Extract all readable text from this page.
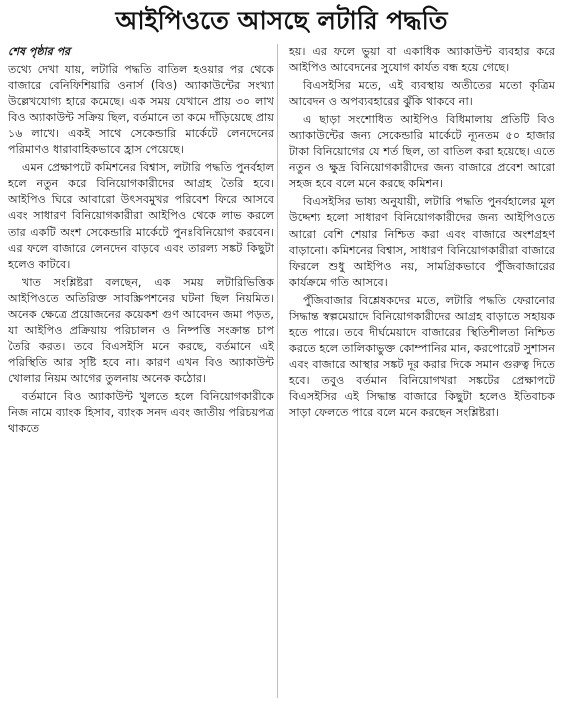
আইপিওতে আসছে লটারি পদ্ধতি
শেষ পৃষ্ঠার পর

তথ্যে দেখা যায়, লটারি পদ্ধতি বাতিল হওয়ার পর থেকে বাজারে বেনিফিশিয়ারি ওনার্স (বিও) অ্যাকাউন্টের সংখ্যা উল্লেখযোগ্য হারে কমেছে। এক সময় যেখানে প্রায় ৩০ লাখ বিও অ্যাকাউন্ট সক্রিয় ছিল, বর্তমানে তা কমে দাঁড়িয়েছে প্রায় ১৬ লাখে। একই সাথে সেকেন্ডারি মার্কেটে লেনদেনের পরিমাণও ধারাবাহিকভাবে হ্রাস পেয়েছে।

এমন প্রেক্ষাপটে কমিশনের বিশ্বাস, লটারি পদ্ধতি পুনর্বহাল হলে নতুন করে বিনিয়োগকারীদের আগ্রহ তৈরি হবে। আইপিও ঘিরে আবারো উৎসবমুখর পরিবেশ ফিরে আসবে এবং সাধারণ বিনিয়োগকারীরা আইপিও থেকে লাভ করলে তার একটি অংশ সেকেন্ডারি মার্কেটে পুনঃবিনিয়োগ করবেন। এর ফলে বাজারে লেনদেন বাড়বে এবং তারল্য সঙ্কট কিছুটা হলেও কাটবে।

খাত সংশ্লিষ্টরা বলছেন, এক সময় লটারিভিত্তিক আইপিওতে অতিরিক্ত সাবস্ক্রিপশনের ঘটনা ছিল নিয়মিত। অনেক ক্ষেত্রে প্রয়োজনের কয়েকশ গুণ আবেদন জমা পড়ত, যা আইপিও প্রক্রিয়ায় পরিচালন ও নিষ্পত্তি সংক্রান্ত চাপ তৈরি করত। তবে বিএসইসি মনে করছে, বর্তমানে এই পরিস্থিতি আর সৃষ্টি হবে না। কারণ এখন বিও অ্যাকাউন্ট খোলার নিয়ম আগের তুলনায় অনেক কঠোর।

বর্তমানে বিও অ্যাকাউন্ট খুলতে হলে বিনিয়োগকারীকে নিজ নামে ব্যাংক হিসাব, ব্যাংক সনদ এবং জাতীয় পরিচয়পত্র থাকতে

হয়। এর ফলে ভুয়া বা একাধিক অ্যাকাউন্ট ব্যবহার করে আইপিও আবেদনের সুযোগ কার্যত বন্ধ হয়ে গেছে।

বিএসইসির মতে, এই ব্যবস্থায় অতীতের মতো কৃত্রিম আবেদন ও অপব্যবহারের ঝুঁকি থাকবে না।

এ ছাড়া সংশোধিত আইপিও বিধিমালায় প্রতিটি বিও অ্যাকাউন্টের জন্য সেকেন্ডারি মার্কেটে ন্যূনতম ৫০ হাজার টাকা বিনিয়োগের যে শর্ত ছিল, তা বাতিল করা হয়েছে। এতে নতুন ও ক্ষুদ্র বিনিয়োগকারীদের জন্য বাজারে প্রবেশ আরো সহজ হবে বলে মনে করছে কমিশন।

বিএসইসির ভাষ্য অনুযায়ী, লটারি পদ্ধতি পুনর্বহালের মূল উদ্দেশ্য হলো সাধারণ বিনিয়োগকারীদের জন্য আইপিওতে আরো বেশি শেয়ার নিশ্চিত করা এবং বাজারে অংশগ্রহণ বাড়ানো। কমিশনের বিশ্বাস, সাধারণ বিনিয়োগকারীরা বাজারে ফিরলে শুধু আইপিও নয়, সামগ্রিকভাবে পুঁজিবাজারের কার্যক্রমে গতি আসবে।

পুঁজিবাজার বিশ্লেষকদের মতে, লটারি পদ্ধতি ফেরানোর সিদ্ধান্ত স্বল্পমেয়াদে বিনিয়োগকারীদের আগ্রহ বাড়াতে সহায়ক হতে পারে। তবে দীর্ঘমেয়াদে বাজারের স্থিতিশীলতা নিশ্চিত করতে হলে তালিকাভুক্ত কোম্পানির মান, করপোরেট সুশাসন এবং বাজারে আস্থার সঙ্কট দূর করার দিকে সমান গুরুত্ব দিতে হবে। তবুও বর্তমান বিনিয়োগখরা সঙ্কটের প্রেক্ষাপটে বিএসইসির এই সিদ্ধান্ত বাজারে কিছুটা হলেও ইতিবাচক সাড়া ফেলতে পারে বলে মনে করছেন সংশ্লিষ্টরা।
